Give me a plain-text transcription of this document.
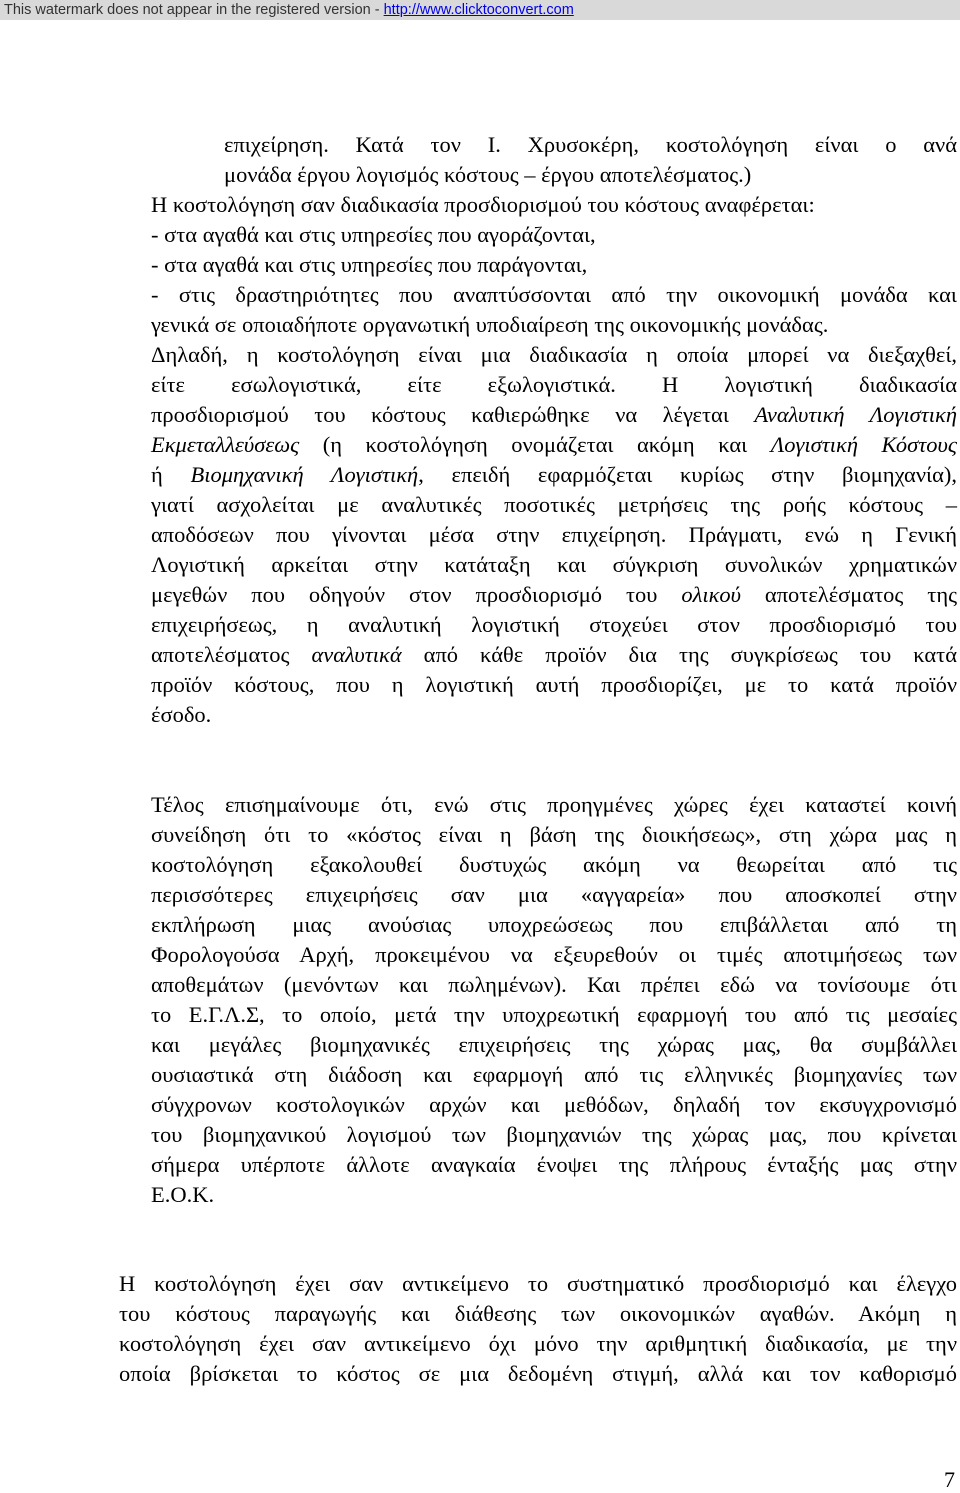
This watermark does not appear in the registered version - http://www.clicktoconvert.com
επιχείρηση. Κατά τον Ι. Χρυσοκέρη, κοστολόγηση είναι ο ανά
μονάδα έργου λογισμός κόστους – έργου αποτελέσματος.)
Η κοστολόγηση σαν διαδικασία προσδιορισμού του κόστους αναφέρεται:
- στα αγαθά και στις υπηρεσίες που αγοράζονται,
- στα αγαθά και στις υπηρεσίες που παράγονται,
- στις δραστηριότητες που αναπτύσσονται από την οικονομική μονάδα και
γενικά σε οποιαδήποτε οργανωτική υποδιαίρεση της οικονομικής μονάδας.
Δηλαδή, η κοστολόγηση είναι μια διαδικασία η οποία μπορεί να διεξαχθεί,
είτε εσωλογιστικά, είτε εξωλογιστικά. Η λογιστική διαδικασία
προσδιορισμού του κόστους καθιερώθηκε να λέγεται Αναλυτική Λογιστική
Εκμεταλλεύσεως (η κοστολόγηση ονομάζεται ακόμη και Λογιστική Κόστους
ή Βιομηχανική Λογιστική, επειδή εφαρμόζεται κυρίως στην βιομηχανία),
γιατί ασχολείται με αναλυτικές ποσοτικές μετρήσεις της ροής κόστους –
αποδόσεων που γίνονται μέσα στην επιχείρηση. Πράγματι, ενώ η Γενική
Λογιστική αρκείται στην κατάταξη και σύγκριση συνολικών χρηματικών
μεγεθών που οδηγούν στον προσδιορισμό του ολικού αποτελέσματος της
επιχειρήσεως, η αναλυτική λογιστική στοχεύει στον προσδιορισμό του
αποτελέσματος αναλυτικά από κάθε προϊόν δια της συγκρίσεως του κατά
προϊόν κόστους, που η λογιστική αυτή προσδιορίζει, με το κατά προϊόν
έσοδο.
Τέλος επισημαίνουμε ότι, ενώ στις προηγμένες χώρες έχει καταστεί κοινή
συνείδηση ότι το «κόστος είναι η βάση της διοικήσεως», στη χώρα μας η
κοστολόγηση εξακολουθεί δυστυχώς ακόμη να θεωρείται από τις
περισσότερες επιχειρήσεις σαν μια «αγγαρεία» που αποσκοπεί στην
εκπλήρωση μιας ανούσιας υποχρεώσεως που επιβάλλεται από τη
Φορολογούσα Αρχή, προκειμένου να εξευρεθούν οι τιμές αποτιμήσεως των
αποθεμάτων (μενόντων και πωλημένων). Και πρέπει εδώ να τονίσουμε ότι
το Ε.Γ.Λ.Σ, το οποίο, μετά την υποχρεωτική εφαρμογή του από τις μεσαίες
και μεγάλες βιομηχανικές επιχειρήσεις της χώρας μας, θα συμβάλλει
ουσιαστικά στη διάδοση και εφαρμογή από τις ελληνικές βιομηχανίες των
σύγχρονων κοστολογικών αρχών και μεθόδων, δηλαδή τον εκσυγχρονισμό
του βιομηχανικού λογισμού των βιομηχανιών της χώρας μας, που κρίνεται
σήμερα υπέρποτε άλλοτε αναγκαία ένοψει της πλήρους ένταξής μας στην
Ε.Ο.Κ.
Η κοστολόγηση έχει σαν αντικείμενο το συστηματικό προσδιορισμό και έλεγχο
του κόστους παραγωγής και διάθεσης των οικονομικών αγαθών. Ακόμη η
κοστολόγηση έχει σαν αντικείμενο όχι μόνο την αριθμητική διαδικασία, με την
οποία βρίσκεται το κόστος σε μια δεδομένη στιγμή, αλλά και τον καθορισμό
7
